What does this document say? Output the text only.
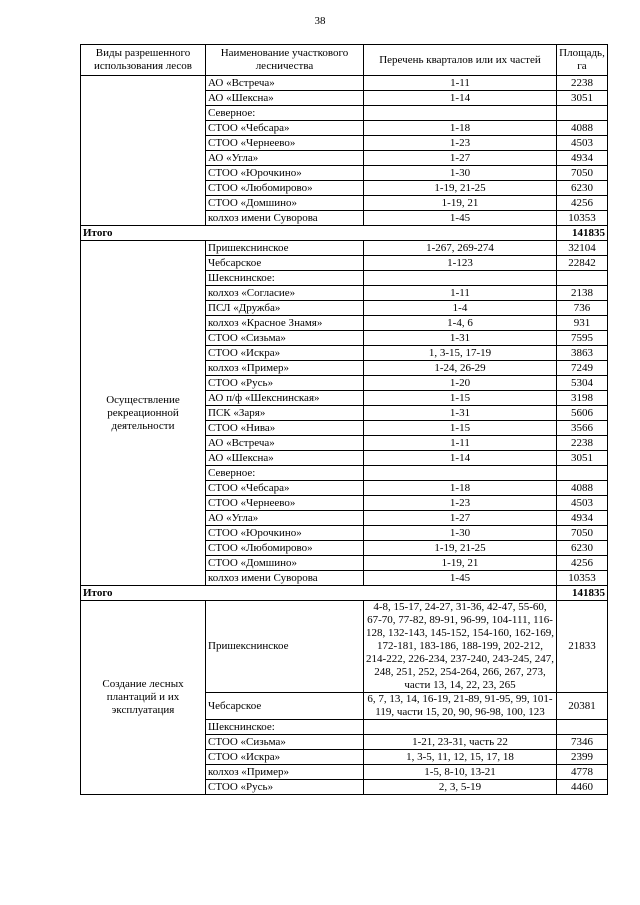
38
Виды разрешенного использования лесов	Наименование участкового лесничества	Перечень кварталов или их частей	Площадь, га
	АО «Встреча»	1-11	2238
	АО «Шексна»	1-14	3051
	Северное:		
	СТОО «Чебсара»	1-18	4088
	СТОО «Чернеево»	1-23	4503
	АО «Угла»	1-27	4934
	СТОО «Юрочкино»	1-30	7050
	СТОО «Любомирово»	1-19, 21-25	6230
	СТОО «Домшино»	1-19, 21	4256
	колхоз имени Суворова	1-45	10353
Итого			141835
Осуществление рекреационной деятельности	Пришекснинское	1-267, 269-274	32104
	Чебсарское	1-123	22842
	Шекснинское:		
	колхоз «Согласие»	1-11	2138
	ПСЛ «Дружба»	1-4	736
	колхоз «Красное Знамя»	1-4, 6	931
	СТОО «Сизьма»	1-31	7595
	СТОО «Искра»	1, 3-15, 17-19	3863
	колхоз «Пример»	1-24, 26-29	7249
	СТОО «Русь»	1-20	5304
	АО п/ф «Шекснинская»	1-15	3198
	ПСК «Заря»	1-31	5606
	СТОО «Нива»	1-15	3566
	АО «Встреча»	1-11	2238
	АО «Шексна»	1-14	3051
	Северное:		
	СТОО «Чебсара»	1-18	4088
	СТОО «Чернеево»	1-23	4503
	АО «Угла»	1-27	4934
	СТОО «Юрочкино»	1-30	7050
	СТОО «Любомирово»	1-19, 21-25	6230
	СТОО «Домшино»	1-19, 21	4256
	колхоз имени Суворова	1-45	10353
Итого			141835
Создание лесных плантаций и их эксплуатация	Пришекснинское	4-8, 15-17, 24-27, 31-36, 42-47, 55-60, 67-70, 77-82, 89-91, 96-99, 104-111, 116-128, 132-143, 145-152, 154-160, 162-169, 172-181, 183-186, 188-199, 202-212, 214-222, 226-234, 237-240, 243-245, 247, 248, 251, 252, 254-264, 266, 267, 273, части 13, 14, 22, 23, 265	21833
	Чебсарское	6, 7, 13, 14, 16-19, 21-89, 91-95, 99, 101-119, части 15, 20, 90, 96-98, 100, 123	20381
	Шекснинское:		
	СТОО «Сизьма»	1-21, 23-31, часть 22	7346
	СТОО «Искра»	1, 3-5, 11, 12, 15, 17, 18	2399
	колхоз «Пример»	1-5, 8-10, 13-21	4778
	СТОО «Русь»	2, 3, 5-19	4460
